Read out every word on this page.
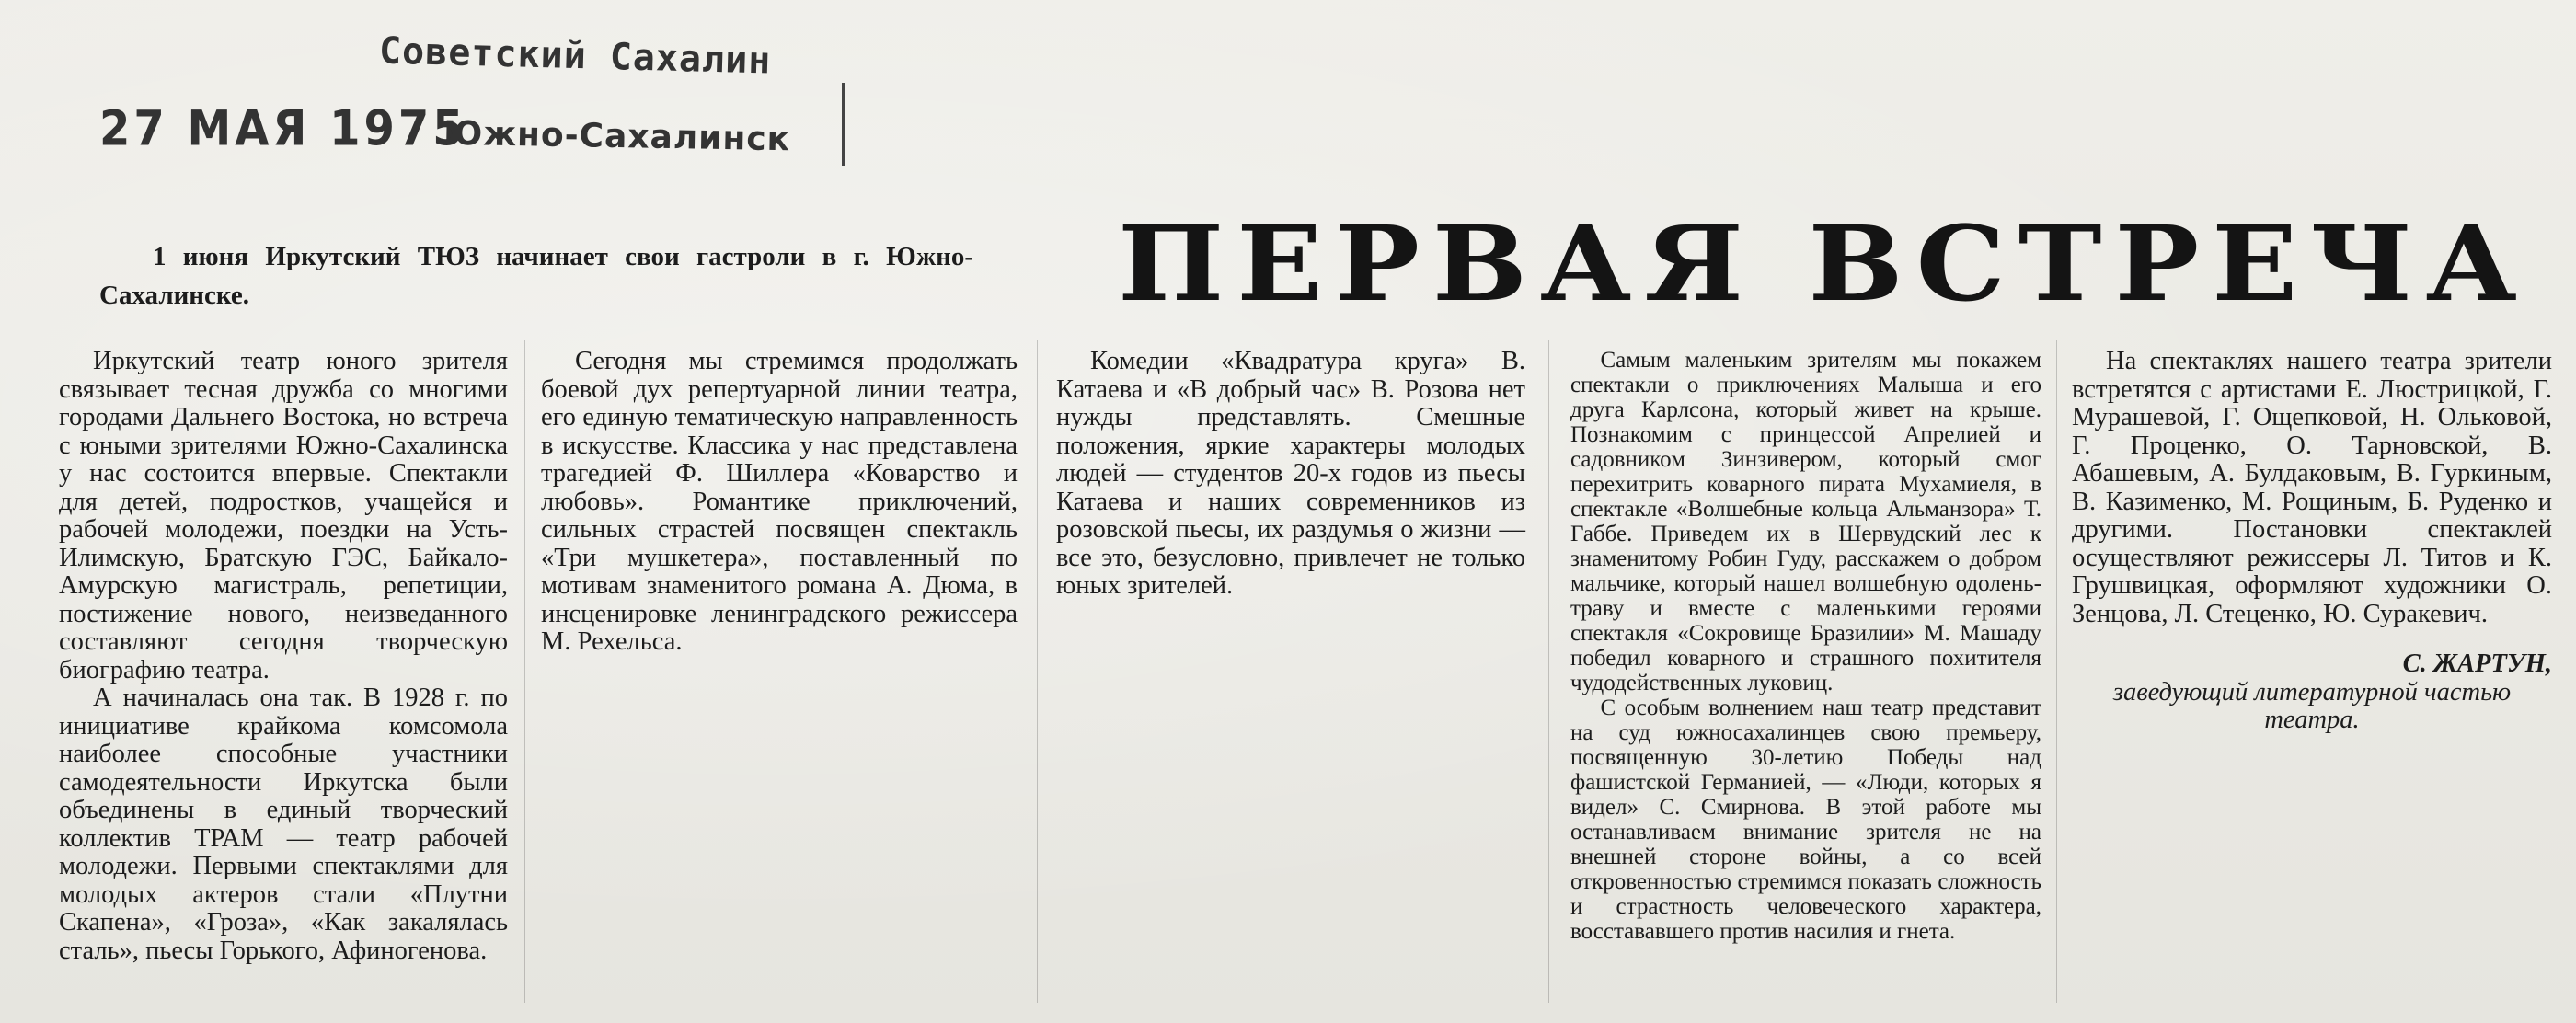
Советский Сахалин
Южно-Сахалинск
27 МАЯ 1975
1 июня Иркутский ТЮЗ начинает свои гастроли в г. Южно-Сахалинске.	ПЕРВАЯ ВСТРЕЧА

Иркутский театр юного зрителя связывает тесная дружба со многими городами Дальнего Востока, но встреча с юными зрителями Южно-Сахалинска у нас состоится впервые. Спектакли для детей, подростков, учащейся и рабочей молодежи, поездки на Усть-Илимскую, Братскую ГЭС, Байкало-Амурскую магистраль, репетиции, постижение нового, неизведанного составляют сегодня творческую биографию театра.

А начиналась она так. В 1928 г. по инициативе крайкома комсомола наиболее способные участники самодеятельности Иркутска были объединены в единый творческий коллектив ТРАМ — театр рабочей молодежи. Первыми спектаклями для молодых актеров стали «Плутни Скапена», «Гроза», «Как закалялась сталь», пьесы Горького, Афиногенова.

Сегодня мы стремимся продолжать боевой дух репертуарной линии театра, его единую тематическую направленность в искусстве. Классика у нас представлена трагедией Ф. Шиллера «Коварство и любовь». Романтике приключений, сильных страстей посвящен спектакль «Три мушкетера», поставленный по мотивам знаменитого романа А. Дюма, в инсценировке ленинградского режиссера М. Рехельса.

Комедии «Квадратура круга» В. Катаева и «В добрый час» В. Розова нет нужды представлять. Смешные положения, яркие характеры молодых людей — студентов 20-х годов из пьесы Катаева и наших современников из розовской пьесы, их раздумья о жизни — все это, безусловно, привлечет не только юных зрителей.

Самым маленьким зрителям мы покажем спектакли о приключениях Малыша и его друга Карлсона, который живет на крыше. Познакомим с принцессой Апрелией и садовником Зинзивером, который смог перехитрить коварного пирата Мухамиеля, в спектакле «Волшебные кольца Альманзора» Т. Габбе. Приведем их в Шервудский лес к знаменитому Робин Гуду, расскажем о добром мальчике, который нашел волшебную одолень-траву и вместе с маленькими героями спектакля «Сокровище Бразилии» М. Машаду победил коварного и страшного похитителя чудодейственных луковиц.

С особым волнением наш театр представит на суд южносахалинцев свою премьеру, посвященную 30-летию Победы над фашистской Германией, — «Люди, которых я видел» С. Смирнова. В этой работе мы останавливаем внимание зрителя не на внешней стороне войны, а со всей откровенностью стремимся показать сложность и страстность человеческого характера, восстававшего против насилия и гнета.

На спектаклях нашего театра зрители встретятся с артистами Е. Люстрицкой, Г. Мурашевой, Г. Ощепковой, Н. Ольковой, Г. Проценко, О. Тарновской, В. Абашевым, А. Булдаковым, В. Гуркиным, В. Казименко, М. Рощиным, Б. Руденко и другими. Постановки спектаклей осуществляют режиссеры Л. Титов и К. Грушвицкая, оформляют художники О. Зенцова, Л. Стеценко, Ю. Суракевич.

С. ЖАРТУН,

заведующий литературной частью театра.
